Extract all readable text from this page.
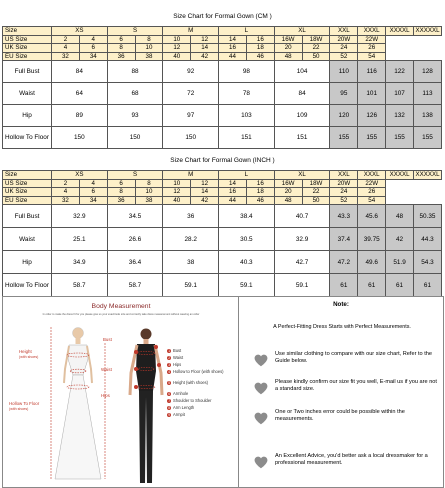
Size Chart for Formal Gown (CM )
Size	XS		S		M		L		XL		XXL	XXXL	XXXXL	XXXXXL
US Size	2	4	6	8	10	12	14	16	16W	18W	20W	22W		
UK Size	4	6	8	10	12	14	16	18	20	22	24	26		
EU Size	32	34	36	38	40	42	44	46	48	50	52	54		
Full Bust	84		88		92		98		104		110	116	122	128
Waist	64		68		72		78		84		95	101	107	113
Hip	89		93		97		103		109		120	126	132	138
Hollow To Floor	150		150		150		151		151		155	155	155	155
Size Chart for Formal Gown (INCH )
Size	XS		S		M		L		XL		XXL	XXXL	XXXXL	XXXXXL
US Size	2	4	6	8	10	12	14	16	16W	18W	20W	22W		
UK Size	4	6	8	10	12	14	16	18	20	22	24	26		
EU Size	32	34	36	38	40	42	44	46	48	50	52	54		
Full Bust	32.9		34.5		36		38.4		40.7		43.3	45.6	48	50.35
Waist	25.1		26.6		28.2		30.5		32.9		37.4	39.75	42	44.3
Hip	34.9		36.4		38		40.3		42.7		47.2	49.6	51.9	54.3
Hollow To Floor	58.7		58.7		59.1		59.1		59.1		61	61	61	61
Body Measurement
In order to make the dress fit for you please give us your exact/rude size and correctly take dress measurement without wearing an order
Height
(with shoes)
Bust
Waist
Hips
Hollow To Floor
(with shoes)
1 Bust
2 Waist
3 Hips
4 Hollow to Floor (with shoes)
5 Height (with shoes)
6 Armhole
7 Shoulder to Shoulder
8 Arm Length
9 Armpit
Note:
A Perfect-Fitting Dress Starts with Perfect Measurements.
Use similar clothing to compare with our size chart, Refer to the Guide below.
Please kindly confirm our size fit you well, E-mail us if you are not a standard size.
One or Two inches error could be possible within the measurements.
An Excellent Advice, you'd better ask a local dressmaker for a professional measurement.
